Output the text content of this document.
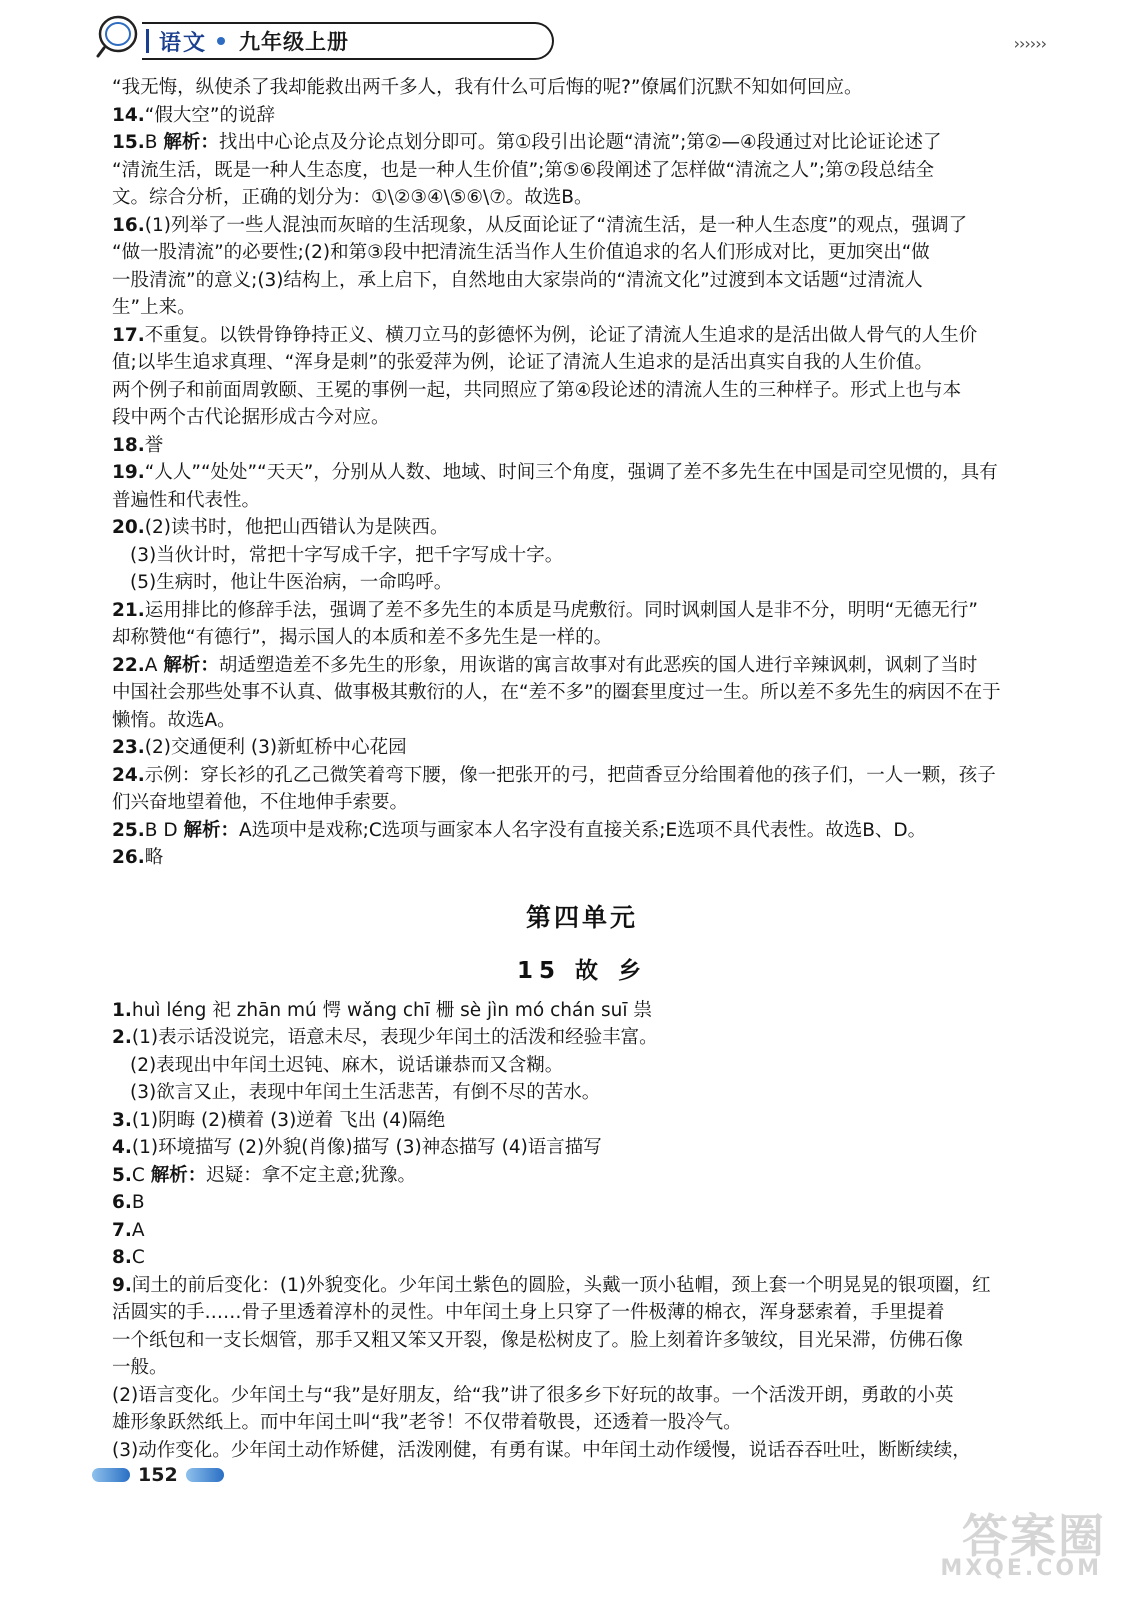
语文 九年级上册	››››››
“我无悔，纵使杀了我却能救出两千多人，我有什么可后悔的呢?”僚属们沉默不知如何回应。
14.“假大空”的说辞
15.B 解析：找出中心论点及分论点划分即可。第①段引出论题“清流”;第②—④段通过对比论证论述了
“清流生活，既是一种人生态度，也是一种人生价值”;第⑤⑥段阐述了怎样做“清流之人”;第⑦段总结全
文。综合分析，正确的划分为：①\②③④\⑤⑥\⑦。故选B。
16.(1)列举了一些人混浊而灰暗的生活现象，从反面论证了“清流生活，是一种人生态度”的观点，强调了
“做一股清流”的必要性;(2)和第③段中把清流生活当作人生价值追求的名人们形成对比，更加突出“做
一股清流”的意义;(3)结构上，承上启下，自然地由大家崇尚的“清流文化”过渡到本文话题“过清流人
生”上来。
17.不重复。以铁骨铮铮持正义、横刀立马的彭德怀为例，论证了清流人生追求的是活出做人骨气的人生价
值;以毕生追求真理、“浑身是刺”的张爱萍为例，论证了清流人生追求的是活出真实自我的人生价值。
两个例子和前面周敦颐、王冕的事例一起，共同照应了第④段论述的清流人生的三种样子。形式上也与本
段中两个古代论据形成古今对应。
18.誉
19.“人人”“处处”“天天”，分别从人数、地域、时间三个角度，强调了差不多先生在中国是司空见惯的，具有
普遍性和代表性。
20.(2)读书时，他把山西错认为是陕西。
(3)当伙计时，常把十字写成千字，把千字写成十字。
(5)生病时，他让牛医治病，一命呜呼。
21.运用排比的修辞手法，强调了差不多先生的本质是马虎敷衍。同时讽刺国人是非不分，明明“无德无行”
却称赞他“有德行”，揭示国人的本质和差不多先生是一样的。
22.A 解析：胡适塑造差不多先生的形象，用诙谐的寓言故事对有此恶疾的国人进行辛辣讽刺，讽刺了当时
中国社会那些处事不认真、做事极其敷衍的人，在“差不多”的圈套里度过一生。所以差不多先生的病因不在于
懒惰。故选A。
23.(2)交通便利 (3)新虹桥中心花园
24.示例：穿长衫的孔乙己微笑着弯下腰，像一把张开的弓，把茴香豆分给围着他的孩子们，一人一颗，孩子
们兴奋地望着他，不住地伸手索要。
25.B D 解析：A选项中是戏称;C选项与画家本人名字没有直接关系;E选项不具代表性。故选B、D。
26.略
第四单元
15 故 乡
1.huì léng 祀 zhān mú 愕 wǎng chī 栅 sè jìn mó chán suī 祟
2.(1)表示话没说完，语意未尽，表现少年闰土的活泼和经验丰富。
(2)表现出中年闰土迟钝、麻木，说话谦恭而又含糊。
(3)欲言又止，表现中年闰土生活悲苦，有倒不尽的苦水。
3.(1)阴晦 (2)横着 (3)逆着 飞出 (4)隔绝
4.(1)环境描写 (2)外貌(肖像)描写 (3)神态描写 (4)语言描写
5.C 解析：迟疑：拿不定主意;犹豫。
6.B
7.A
8.C
9.闰土的前后变化：(1)外貌变化。少年闰土紫色的圆脸，头戴一顶小毡帽，颈上套一个明晃晃的银项圈，红
活圆实的手……骨子里透着淳朴的灵性。中年闰土身上只穿了一件极薄的棉衣，浑身瑟索着，手里提着
一个纸包和一支长烟管，那手又粗又笨又开裂，像是松树皮了。脸上刻着许多皱纹，目光呆滞，仿佛石像
一般。
(2)语言变化。少年闰土与“我”是好朋友，给“我”讲了很多乡下好玩的故事。一个活泼开朗，勇敢的小英
雄形象跃然纸上。而中年闰土叫“我”老爷！不仅带着敬畏，还透着一股冷气。
(3)动作变化。少年闰土动作矫健，活泼刚健，有勇有谋。中年闰土动作缓慢，说话吞吞吐吐，断断续续，
152
答案圈
MXQE.COM
